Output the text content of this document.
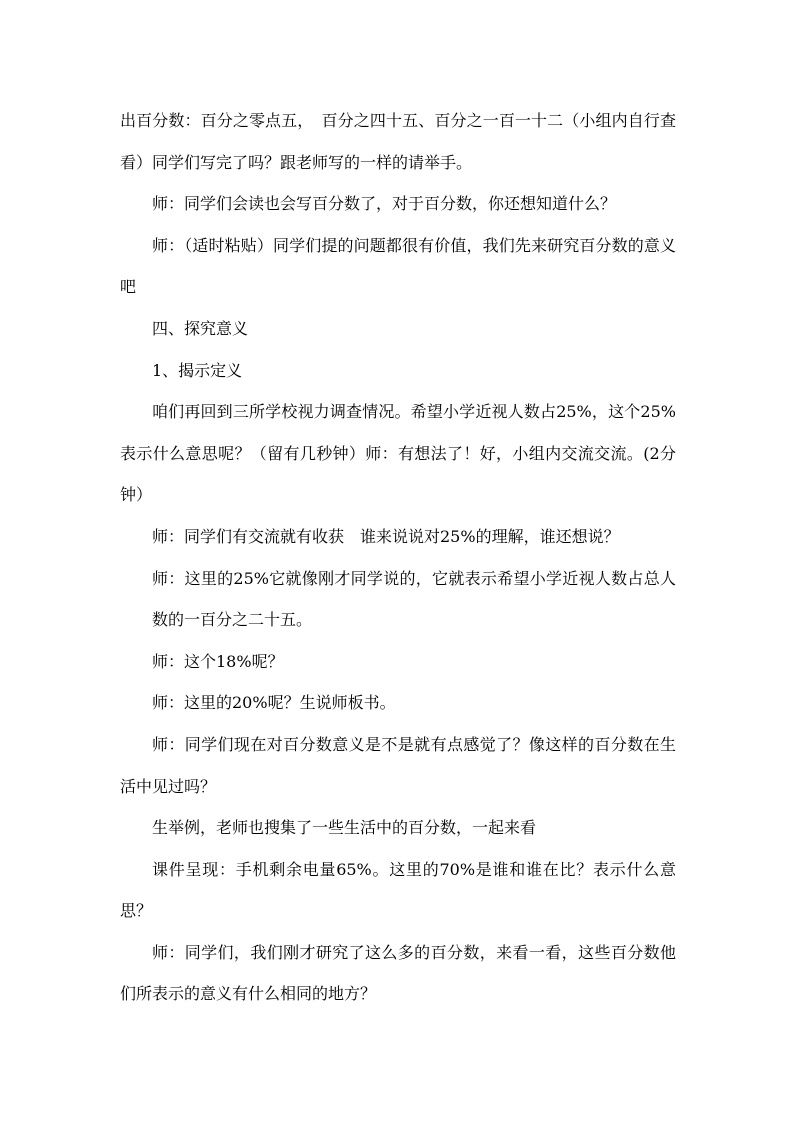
出百分数：百分之零点五，　百分之四十五、百分之一百一十二（小组内自行查看）同学们写完了吗？跟老师写的一样的请举手。

师：同学们会读也会写百分数了，对于百分数，你还想知道什么？

师：（适时粘贴）同学们提的问题都很有价值，我们先来研究百分数的意义吧

四、探究意义

1、揭示定义

咱们再回到三所学校视力调查情况。希望小学近视人数占25%，这个25%表示什么意思呢？（留有几秒钟）师：有想法了！好，小组内交流交流。(2分钟）

师：同学们有交流就有收获　谁来说说对25%的理解，谁还想说？

师：这里的25%它就像刚才同学说的，它就表示希望小学近视人数占总人数的一百分之二十五。

师：这个18%呢？

师：这里的20%呢？生说师板书。

师：同学们现在对百分数意义是不是就有点感觉了？像这样的百分数在生活中见过吗？

生举例，老师也搜集了一些生活中的百分数，一起来看

课件呈现：手机剩余电量65%。这里的70%是谁和谁在比？表示什么意思？

师：同学们，我们刚才研究了这么多的百分数，来看一看，这些百分数他们所表示的意义有什么相同的地方？
